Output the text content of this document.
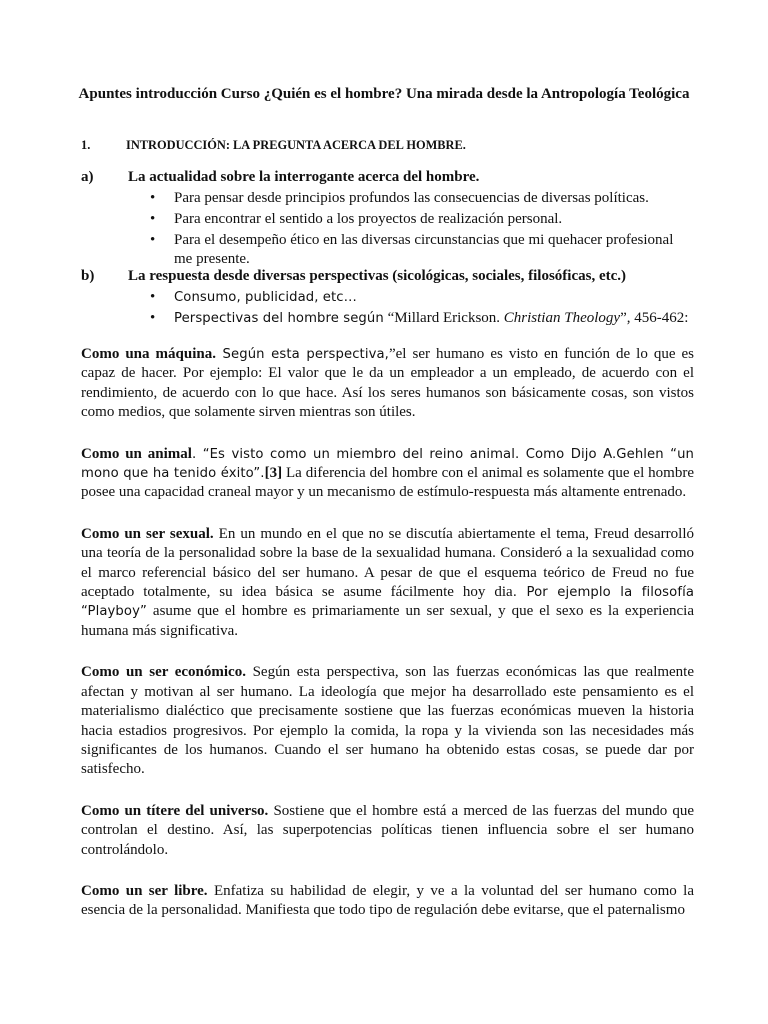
Apuntes introducción Curso ¿Quién es el hombre? Una mirada desde la Antropología Teológica
1.	INTRODUCCIÓN: LA PREGUNTA ACERCA DEL HOMBRE.
a) La actualidad sobre la interrogante acerca del hombre.
• Para pensar desde principios profundos las consecuencias de diversas políticas.
• Para encontrar el sentido a los proyectos de realización personal.
• Para el desempeño ético en las diversas circunstancias que mi quehacer profesional me presente.
b) La respuesta desde diversas perspectivas (sicológicas, sociales, filosóficas, etc.)
• Consumo, publicidad, etc…
• Perspectivas del hombre según “Millard Erickson. Christian Theology”, 456-462:

Como una máquina. Según esta perspectiva,”el ser humano es visto en función de lo que es capaz de hacer. Por ejemplo: El valor que le da un empleador a un empleado, de acuerdo con el rendimiento, de acuerdo con lo que hace. Así los seres humanos son básicamente cosas, son vistos como medios, que solamente sirven mientras son útiles.

Como un animal. “Es visto como un miembro del reino animal. Como Dijo A.Gehlen “un mono que ha tenido éxito”.[3] La diferencia del hombre con el animal es solamente que el hombre posee una capacidad craneal mayor y un mecanismo de estímulo-respuesta más altamente entrenado.

Como un ser sexual. En un mundo en el que no se discutía abiertamente el tema, Freud desarrolló una teoría de la personalidad sobre la base de la sexualidad humana. Consideró a la sexualidad como el marco referencial básico del ser humano. A pesar de que el esquema teórico de Freud no fue aceptado totalmente, su idea básica se asume fácilmente hoy dia. Por ejemplo la filosofía “Playboy” asume que el hombre es primariamente un ser sexual, y que el sexo es la experiencia humana más significativa.

Como un ser económico. Según esta perspectiva, son las fuerzas económicas las que realmente afectan y motivan al ser humano. La ideología que mejor ha desarrollado este pensamiento es el materialismo dialéctico que precisamente sostiene que las fuerzas económicas mueven la historia hacia estadios progresivos. Por ejemplo la comida, la ropa y la vivienda son las necesidades más significantes de los humanos. Cuando el ser humano ha obtenido estas cosas, se puede dar por satisfecho.

Como un títere del universo. Sostiene que el hombre está a merced de las fuerzas del mundo que controlan el destino. Así, las superpotencias políticas tienen influencia sobre el ser humano controlándolo.

Como un ser libre. Enfatiza su habilidad de elegir, y ve a la voluntad del ser humano como la esencia de la personalidad. Manifiesta que todo tipo de regulación debe evitarse, que el paternalismo
